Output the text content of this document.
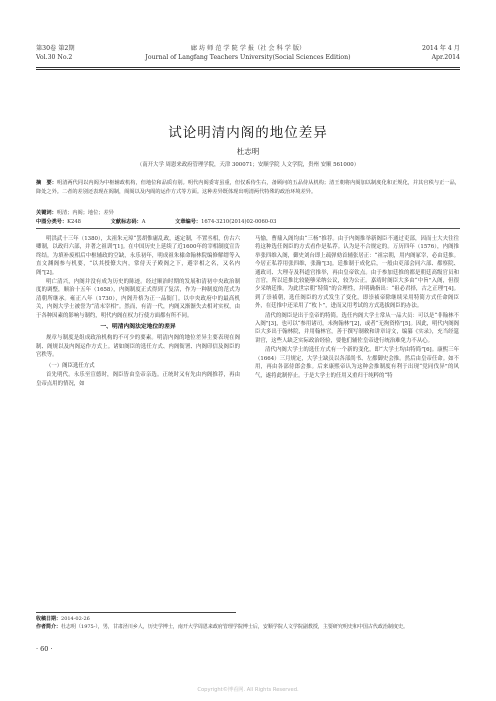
第30卷 第2期
Vol.30 No.2
廊 坊 师 范 学 院 学 报（社 会 科 学 版）
Journal of Langfang Teachers University(Social Sciences Edition)
2014 年 4 月
Apr.2014
试论明清内阁的地位差异
杜志明
（南开大学 周恩来政府管理学院，天津 300071；安顺学院 人文学院，贵州 安顺 561000）
摘　要：明清两代同以内阁为中枢辅政机构，但地位和品质有别。明代内阁委寄虽重，但仅系侍生右，备顾问的五品侍从机构；清王朝将内阁加以制度化和正规化，并其官秩与正一品，降处之外。二者的差别还表现在阁制，阁阁以及内阁的运作方式等方面。这种差异既体现出明清两代特殊的政治环境差异。
关键词：明清；内阁；地位；差异
中图分类号：K248	文献标志码：A	文章编号：1674-3210(2014)02-0060-03

明洪武十三年（1380），太祖朱元璋“罢胡惟庸乱政，遂定制，不置丞相，仿古六卿制，以政归六部，并著之祖训”[1]。在中国历史上延续了近1600年的宰相制度宣告终结。为填补废相后中枢辅政的空缺，永乐初年，明成祖朱棣命翰林院编修解缙等入直文渊阁参与机要，“以其授僚大内，常侍天子殿阁之下，避宰相之名，又名内阁”[2]。

明亡清兴，内阁并没有成为历史的陈迹。经过顺治时期的发展和清初中央政治制度的调整，顺治十五年（1658），内阁制度正式得到了复活，作为一种制度的范式为清朝所继承。雍正八年（1730），内阁升格为正一品衙门。以中央政府中的最高机关，内阁大学士被誉为“清末宰相”。然而，有清一代，内阁又渐渐失去相对实权，由于各种因素的影响与制约，明代内阁在权力行使方面都有所不同。

一、明清内阁法定地位的差异

规章与制度是组成政治机构的不可少的要素。明清内阁的地位差异主要表现在阁制、阁规以及内阁运作方式上。诸如阁臣的选任方式、内阁衙署、内阁印信及阁臣的官秩等。

（一）阁臣选任方式

首先明代。永乐至宣德时，阁臣皆由皇帝亲选。正统时又有先由内阁推荐，再由皇帝点用的情况，如

马愉，曹鼐入阁均由“三杨”推荐。由于内阁推举新阁臣不通过吏部，因而士大夫往往将这种选任阁臣的方式看作是私荐。认为是不合规定的。万历四年（1576），内阁推举张四维入阁，御史刘台即上疏弹劾首辅张居正：“祖宗朝，用内阁冢宰，必由廷推。今居正私荐用张四维，张瀚”[3]。廷推制于成化后，一般由吏部会同六部、都察院、通政司、大理寺及科道官推举，再由皇帝钦点。由于参加廷推的都是朝廷高级官员和言官，所以廷推比较能够采纳公议，较为公正。嘉靖时阁臣大多由“中旨”入阁，但很少采纳廷推。为此世宗朝“特简”的合理性，并明确指出：“祖必君择，古之正理”[4]。到了崇祯朝，选任阁臣的方式发生了变化，即崇祯帝除继续采用特简方式任命阁臣外，在廷推中还采用了“枚卜”，进而又用考试的方式选拔阁臣的办法。

清代的阁臣是出于皇帝的特简。选任内阁大学士常从一品大员：可以是“非翰林不入阁”[3]，也可以“参用诸司，未拘翰林”[2]，或者“无拘资格”[5]。因此，明代内阁阁臣大多出于翰林院，并用翰林官，善于撰写制敕和讲章诗文，编纂《实录》，充当经筵讲官，这些人缺乏实际政治经验，要他们辅佐皇帝进行统治难免力不从心。

清代内阁大学士的选任方式有一个新的变化，即“大学士均由特简”[6]。康熙三年（1664）三月规定，大学士缺员以各部尚书、左都御史会推。然后由皇帝任命。如不用，再由各部侍郎会推。后来康熙帝认为这种会推制度有利于出现“党同伐异”的风气，遂将此制停止。于是大学士的任用又重归于纯粹的“特

收稿日期：2014-02-26
作者简介：杜志明（1975-），男，甘肃泾川乡人，历史学博士，南开大学周恩来政府管理学院博士后，安顺学院人文学院副教授，主要研究明史和中国古代政治制度史。
· 60 ·
Copyright©博看网. All Rights Reserved.
